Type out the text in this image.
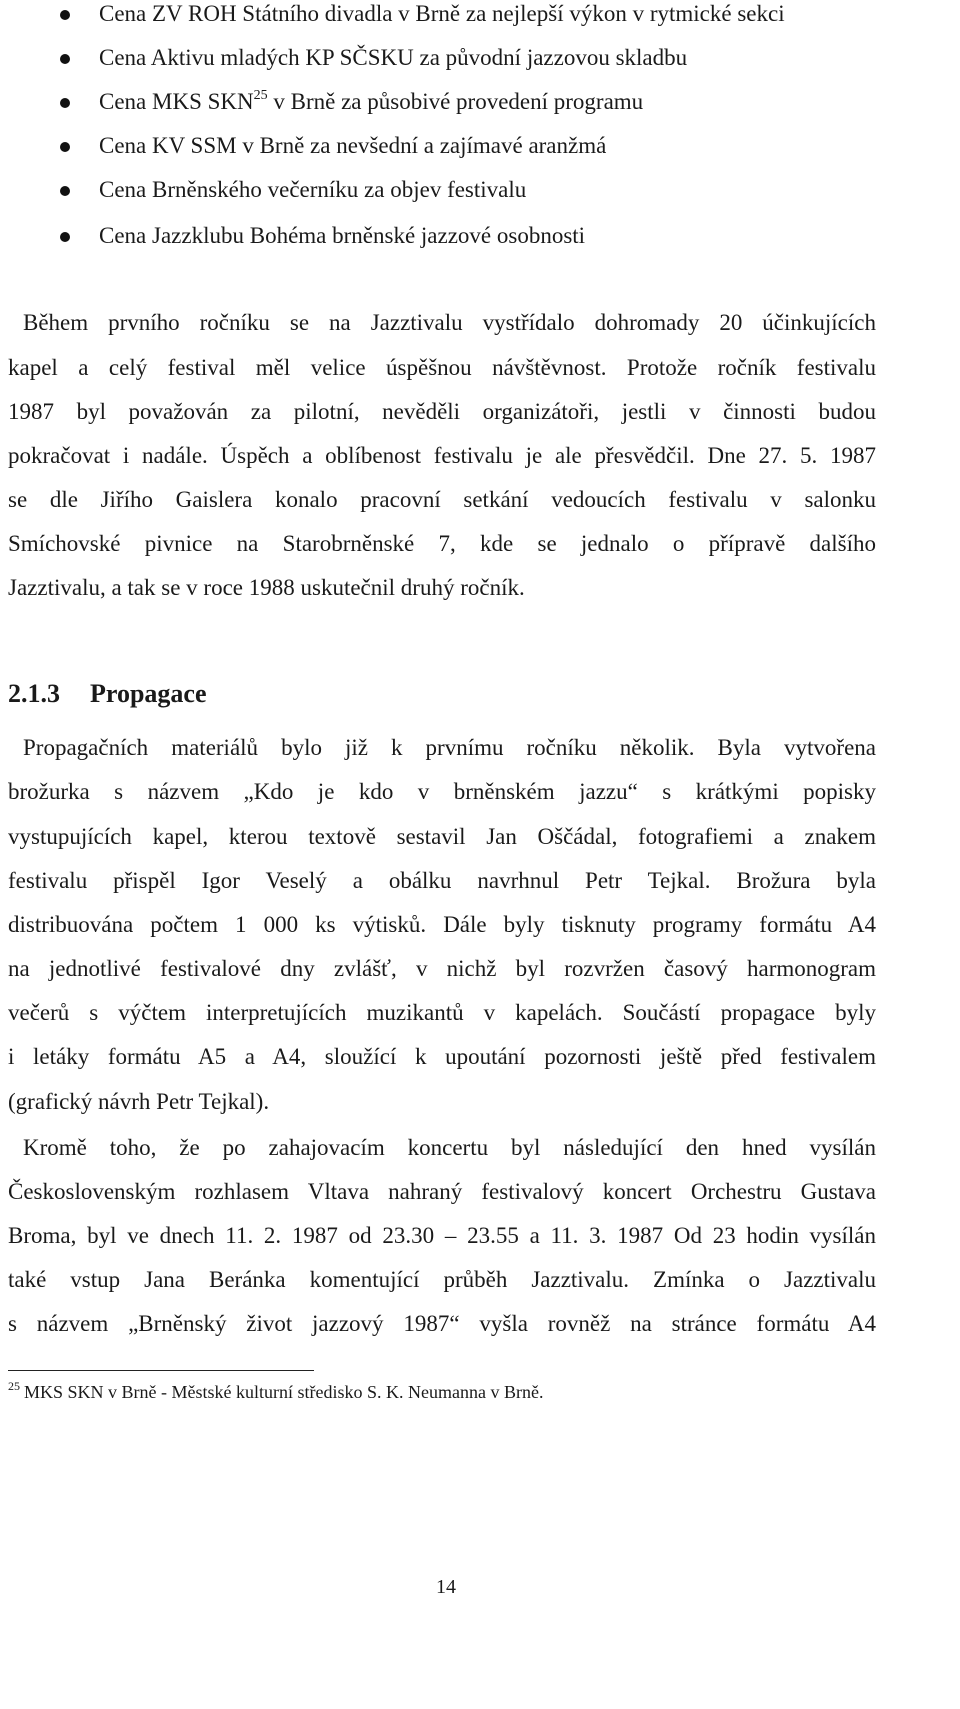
Cena ZV ROH Státního divadla v Brně za nejlepší výkon v rytmické sekci
Cena Aktivu mladých KP SČSKU za původní jazzovou skladbu
Cena MKS SKN$^{25}$ v Brně za působivé provedení programu
Cena KV SSM v Brně za nevšední a zajímavé aranžmá
Cena Brněnského večerníku za objev festivalu
Cena Jazzklubu Bohéma brněnské jazzové osobnosti
Během prvního ročníku se na Jazztivalu vystřídalo dohromady 20 účinkujících
kapel a celý festival měl velice úspěšnou návštěvnost. Protože ročník festivalu
1987 byl považován za pilotní, nevěděli organizátoři, jestli v činnosti budou
pokračovat i nadále. Úspěch a oblíbenost festivalu je ale přesvědčil. Dne 27. 5. 1987
se dle Jiřího Gaislera konalo pracovní setkání vedoucích festivalu v salonku
Smíchovské pivnice na Starobrněnské 7, kde se jednalo o přípravě dalšího
Jazztivalu, a tak se v roce 1988 uskutečnil druhý ročník.
2.1.3 Propagace
Propagačních materiálů bylo již k prvnímu ročníku několik. Byla vytvořena
brožurka s názvem „Kdo je kdo v brněnském jazzu“ s krátkými popisky
vystupujících kapel, kterou textově sestavil Jan Oščádal, fotografiemi a znakem
festivalu přispěl Igor Veselý a obálku navrhnul Petr Tejkal. Brožura byla
distribuována počtem 1 000 ks výtisků. Dále byly tisknuty programy formátu A4
na jednotlivé festivalové dny zvlášť, v nichž byl rozvržen časový harmonogram
večerů s výčtem interpretujících muzikantů v kapelách. Součástí propagace byly
i letáky formátu A5 a A4, sloužící k upoutání pozornosti ještě před festivalem
(grafický návrh Petr Tejkal).
Kromě toho, že po zahajovacím koncertu byl následující den hned vysílán
Československým rozhlasem Vltava nahraný festivalový koncert Orchestru Gustava
Broma, byl ve dnech 11. 2. 1987 od 23.30 – 23.55 a 11. 3. 1987 Od 23 hodin vysílán
také vstup Jana Beránka komentující průběh Jazztivalu. Zmínka o Jazztivalu
s názvem „Brněnský život jazzový 1987“ vyšla rovněž na stránce formátu A4
$^{25}$ MKS SKN v Brně - Městské kulturní středisko S. K. Neumanna v Brně.
14
